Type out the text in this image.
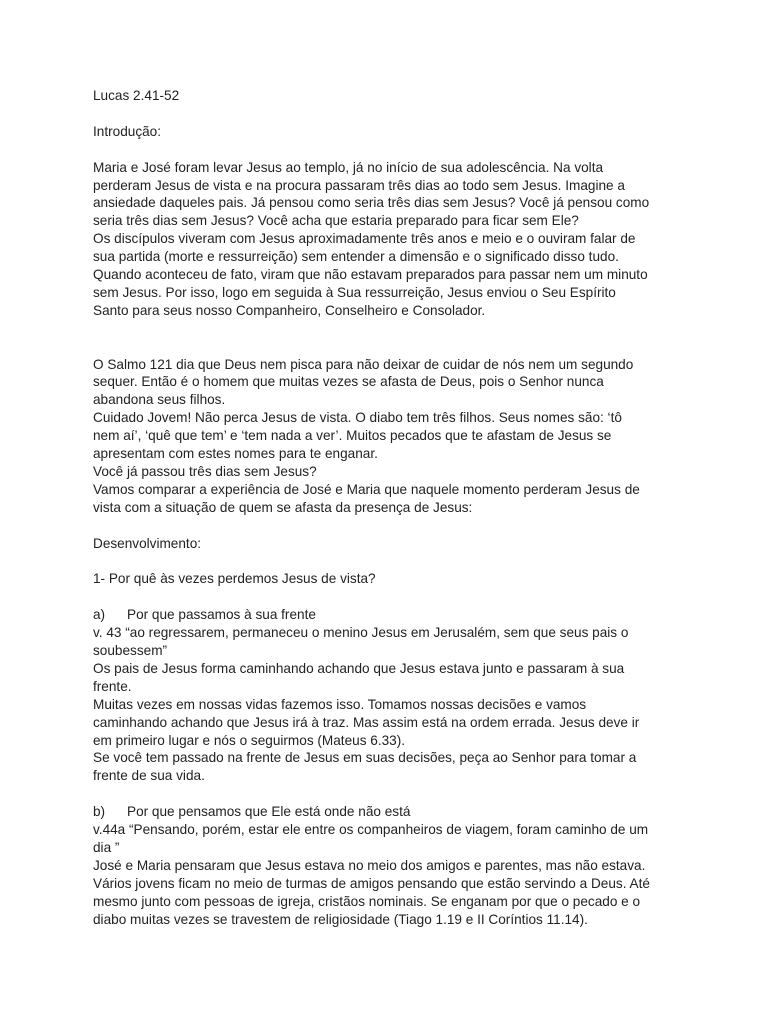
Lucas 2.41-52

Introdução:

Maria e José foram levar Jesus ao templo, já no início de sua adolescência. Na volta
perderam Jesus de vista e na procura passaram três dias ao todo sem Jesus. Imagine a
ansiedade daqueles pais. Já pensou como seria três dias sem Jesus? Você já pensou como
seria três dias sem Jesus? Você acha que estaria preparado para ficar sem Ele?

Os discípulos viveram com Jesus aproximadamente três anos e meio e o ouviram falar de
sua partida (morte e ressurreição) sem entender a dimensão e o significado disso tudo.
Quando aconteceu de fato, viram que não estavam preparados para passar nem um minuto
sem Jesus. Por isso, logo em seguida à Sua ressurreição, Jesus enviou o Seu Espírito
Santo para seus nosso Companheiro, Conselheiro e Consolador.

O Salmo 121 dia que Deus nem pisca para não deixar de cuidar de nós nem um segundo
sequer. Então é o homem que muitas vezes se afasta de Deus, pois o Senhor nunca
abandona seus filhos.

Cuidado Jovem! Não perca Jesus de vista. O diabo tem três filhos. Seus nomes são: ‘tô
nem aí’, ‘quê que tem’ e ‘tem nada a ver’. Muitos pecados que te afastam de Jesus se
apresentam com estes nomes para te enganar.

Você já passou três dias sem Jesus?

Vamos comparar a experiência de José e Maria que naquele momento perderam Jesus de
vista com a situação de quem se afasta da presença de Jesus:

Desenvolvimento:

1- Por quê às vezes perdemos Jesus de vista?

a)	Por que passamos à sua frente

v. 43 “ao regressarem, permaneceu o menino Jesus em Jerusalém, sem que seus pais o
soubessem”

Os pais de Jesus forma caminhando achando que Jesus estava junto e passaram à sua
frente.

Muitas vezes em nossas vidas fazemos isso. Tomamos nossas decisões e vamos
caminhando achando que Jesus irá à traz. Mas assim está na ordem errada. Jesus deve ir
em primeiro lugar e nós o seguirmos (Mateus 6.33).

Se você tem passado na frente de Jesus em suas decisões, peça ao Senhor para tomar a
frente de sua vida.

b)	Por que pensamos que Ele está onde não está

v.44a “Pensando, porém, estar ele entre os companheiros de viagem, foram caminho de um
dia ”

José e Maria pensaram que Jesus estava no meio dos amigos e parentes, mas não estava.

Vários jovens ficam no meio de turmas de amigos pensando que estão servindo a Deus. Até
mesmo junto com pessoas de igreja, cristãos nominais. Se enganam por que o pecado e o
diabo muitas vezes se travestem de religiosidade (Tiago 1.19 e II Coríntios 11.14).
